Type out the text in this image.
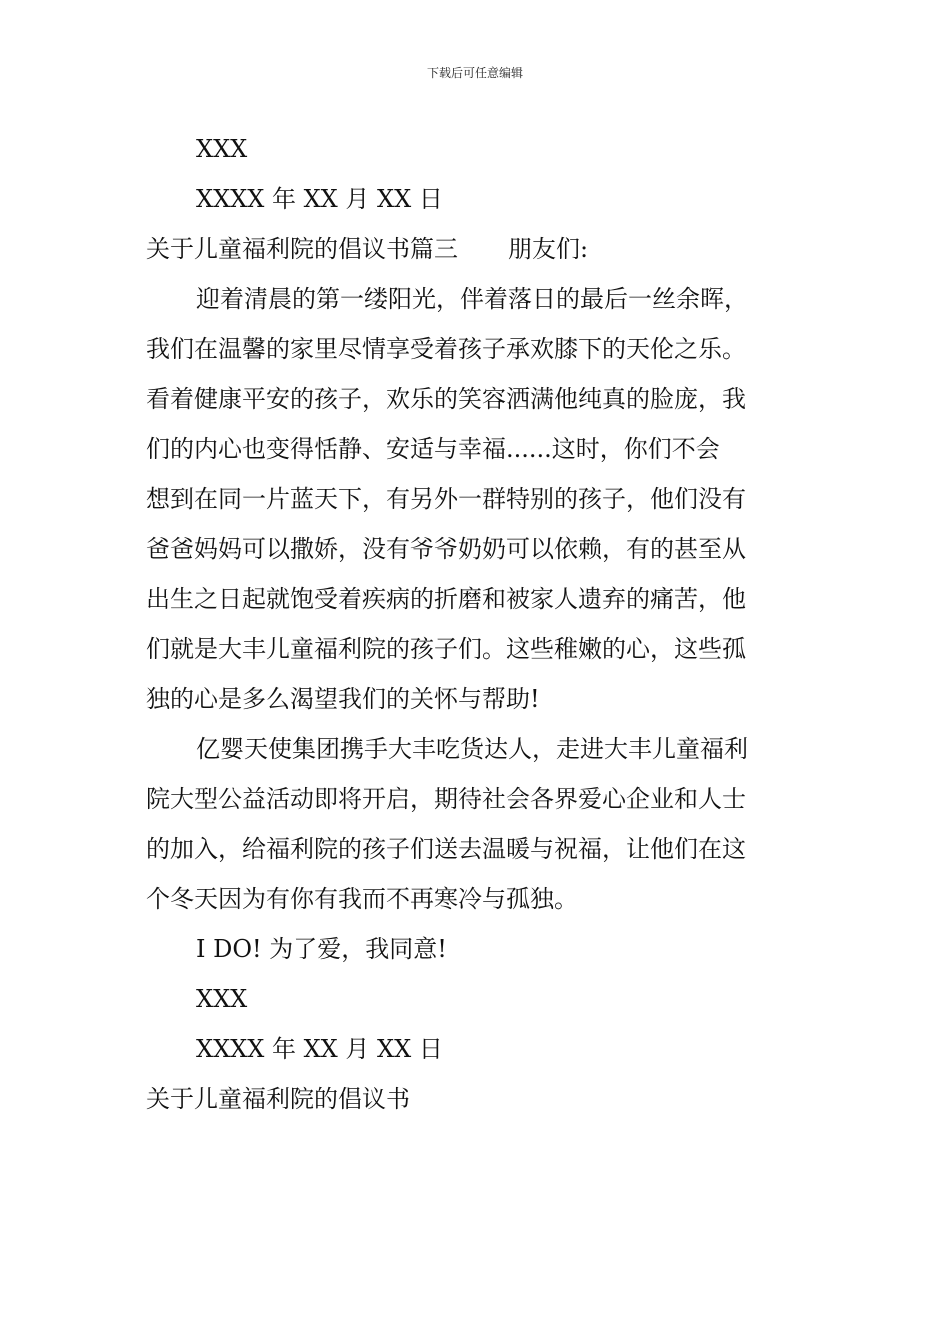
下载后可任意编辑
XXX
XXXX 年 XX 月 XX 日
关于儿童福利院的倡议书篇三 朋友们:
迎着清晨的第一缕阳光，伴着落日的最后一丝余晖，
我们在温馨的家里尽情享受着孩子承欢膝下的天伦之乐。
看着健康平安的孩子，欢乐的笑容洒满他纯真的脸庞，我
们的内心也变得恬静、安适与幸福......这时，你们不会
想到在同一片蓝天下，有另外一群特别的孩子，他们没有
爸爸妈妈可以撒娇，没有爷爷奶奶可以依赖，有的甚至从
出生之日起就饱受着疾病的折磨和被家人遗弃的痛苦，他
们就是大丰儿童福利院的孩子们。这些稚嫩的心，这些孤
独的心是多么渴望我们的关怀与帮助!
亿婴天使集团携手大丰吃货达人，走进大丰儿童福利
院大型公益活动即将开启，期待社会各界爱心企业和人士
的加入，给福利院的孩子们送去温暖与祝福，让他们在这
个冬天因为有你有我而不再寒冷与孤独。
I DO! 为了爱，我同意!
XXX
XXXX 年 XX 月 XX 日
关于儿童福利院的倡议书
